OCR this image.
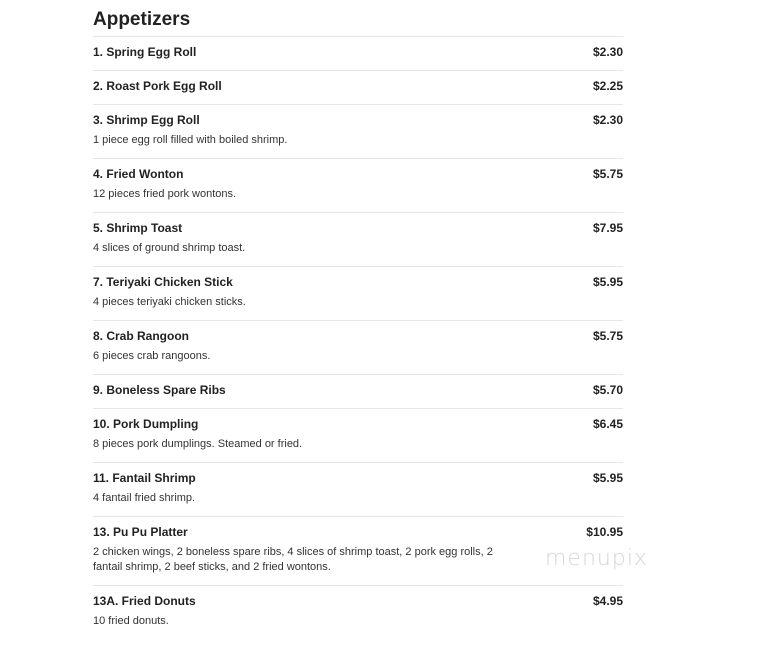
Appetizers
1. Spring Egg Roll	$2.30
2. Roast Pork Egg Roll	$2.25
3. Shrimp Egg Roll	$2.30
1 piece egg roll filled with boiled shrimp.
4. Fried Wonton	$5.75
12 pieces fried pork wontons.
5. Shrimp Toast	$7.95
4 slices of ground shrimp toast.
7. Teriyaki Chicken Stick	$5.95
4 pieces teriyaki chicken sticks.
8. Crab Rangoon	$5.75
6 pieces crab rangoons.
9. Boneless Spare Ribs	$5.70
10. Pork Dumpling	$6.45
8 pieces pork dumplings. Steamed or fried.
11. Fantail Shrimp	$5.95
4 fantail fried shrimp.
13. Pu Pu Platter	$10.95
2 chicken wings, 2 boneless spare ribs, 4 slices of shrimp toast, 2 pork egg rolls, 2 fantail shrimp, 2 beef sticks, and 2 fried wontons.
13A. Fried Donuts	$4.95
10 fried donuts.
menupix
